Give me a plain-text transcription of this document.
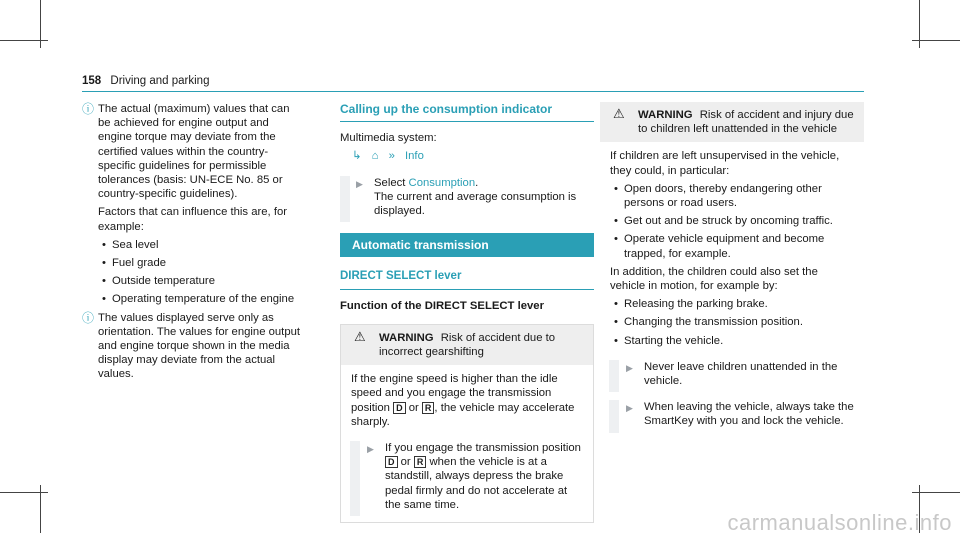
158 Driving and parking
ⓘ The actual (maximum) values that can be achieved for engine output and engine torque may deviate from the certified values within the country-specific guidelines for permissible tolerances (basis: UN-ECE No. 85 or country-specific guidelines).

Factors that can influence this are, for example:

• Sea level
• Fuel grade
• Outside temperature
• Operating temperature of the engine
ⓘ The values displayed serve only as orientation. The values for engine output and engine torque shown in the media display may deviate from the actual values.

Calling up the consumption indicator

Multimedia system:

↳ ⌂ » Info
▶ Select Consumption.
The current and average consumption is displayed.
Automatic transmission
DIRECT SELECT lever
Function of the DIRECT SELECT lever
⚠ WARNING Risk of accident due to incorrect gearshifting

If the engine speed is higher than the idle speed and you engage the transmission position D or R , the vehicle may accelerate sharply.

▶ If you engage the transmission position
D or R when the vehicle is at a standstill, always depress the brake pedal firmly and do not accelerate at the same time.
⚠ WARNING Risk of accident and injury due to children left unattended in the vehicle

If children are left unsupervised in the vehicle, they could, in particular:

• Open doors, thereby endangering other persons or road users.
• Get out and be struck by oncoming traffic.
• Operate vehicle equipment and become trapped, for example.

In addition, the children could also set the vehicle in motion, for example by:

• Releasing the parking brake.
• Changing the transmission position.
• Starting the vehicle.
▶ Never leave children unattended in the vehicle.
▶ When leaving the vehicle, always take the SmartKey with you and lock the vehicle.
carmanualsonline.info
